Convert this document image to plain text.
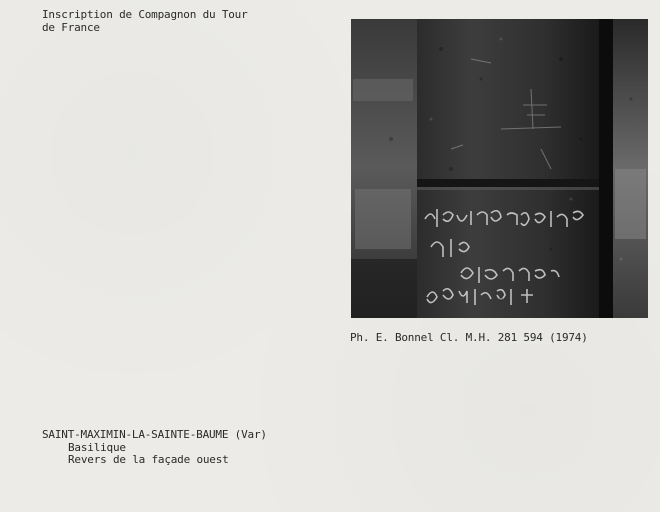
Inscription de Compagnon du Tour
de France
Ph. E. Bonnel Cl. M.H. 281 594 (1974)
SAINT-MAXIMIN-LA-SAINTE-BAUME (Var)
Basilique
Revers de la façade ouest
